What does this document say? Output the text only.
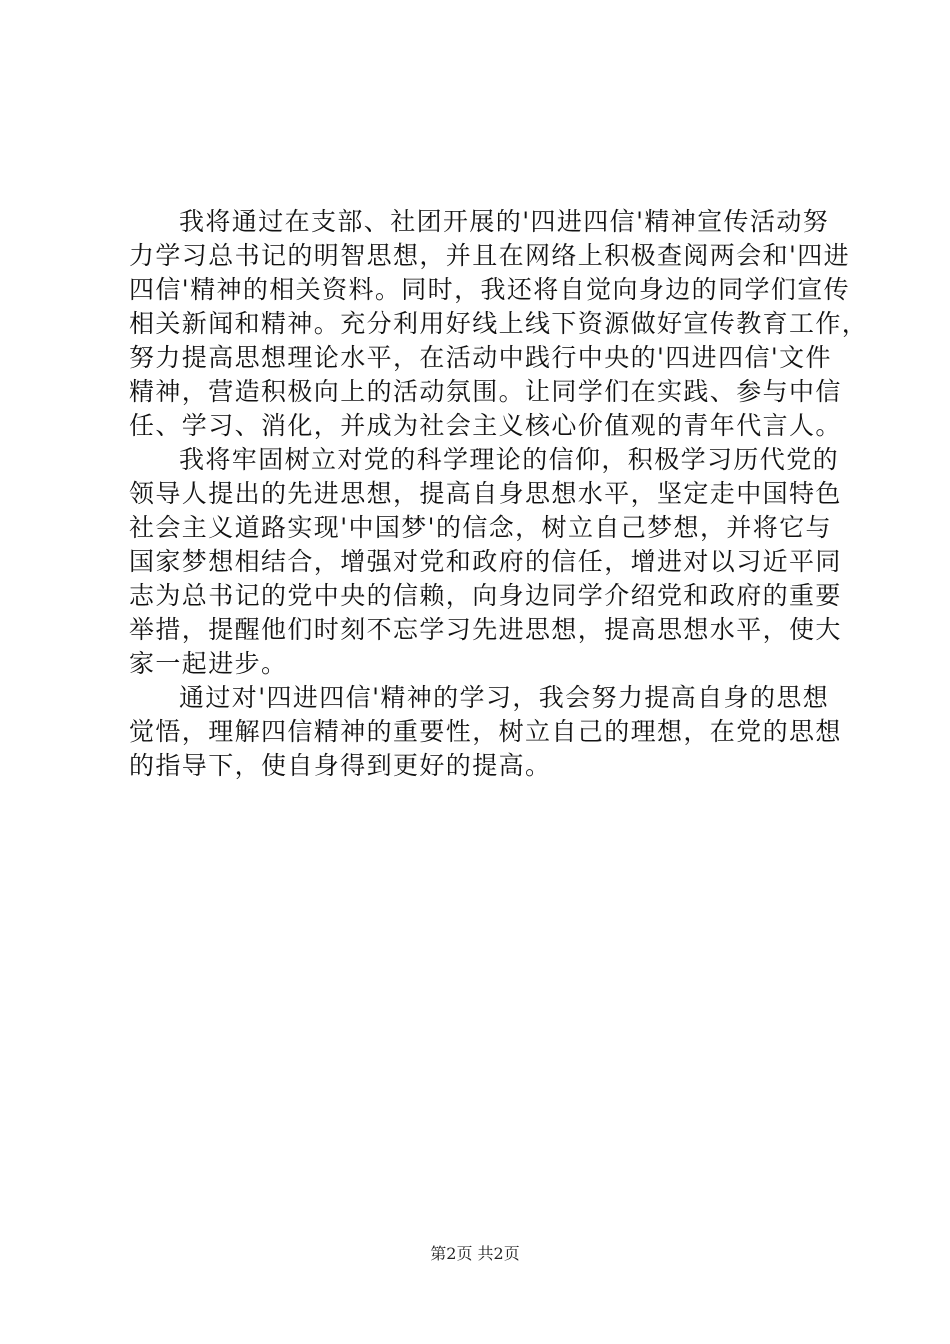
我将通过在支部、社团开展的'四进四信'精神宣传活动努
力学习总书记的明智思想，并且在网络上积极查阅两会和'四进
四信'精神的相关资料。同时，我还将自觉向身边的同学们宣传
相关新闻和精神。充分利用好线上线下资源做好宣传教育工作，
努力提高思想理论水平，在活动中践行中央的'四进四信'文件
精神，营造积极向上的活动氛围。让同学们在实践、参与中信
任、学习、消化，并成为社会主义核心价值观的青年代言人。
我将牢固树立对党的科学理论的信仰，积极学习历代党的
领导人提出的先进思想，提高自身思想水平，坚定走中国特色
社会主义道路实现'中国梦'的信念，树立自己梦想，并将它与
国家梦想相结合，增强对党和政府的信任，增进对以习近平同
志为总书记的党中央的信赖，向身边同学介绍党和政府的重要
举措，提醒他们时刻不忘学习先进思想，提高思想水平，使大
家一起进步。
通过对'四进四信'精神的学习，我会努力提高自身的思想
觉悟，理解四信精神的重要性，树立自己的理想，在党的思想
的指导下，使自身得到更好的提高。
第2页 共2页
